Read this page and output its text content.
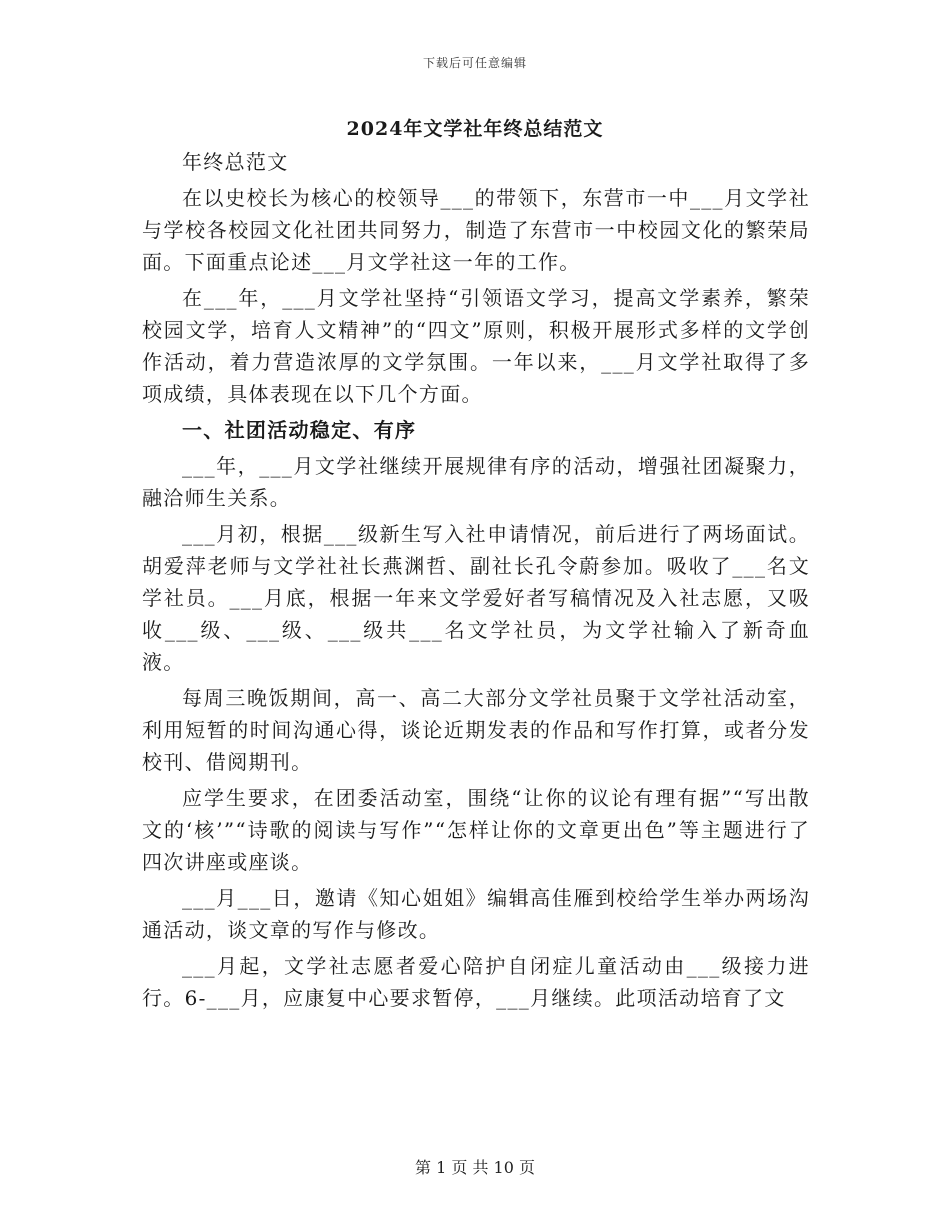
下载后可任意编辑
2024年文学社年终总结范文

年终总范文

在以史校长为核心的校领导___的带领下，东营市一中___月文学社与学校各校园文化社团共同努力，制造了东营市一中校园文化的繁荣局面。下面重点论述___月文学社这一年的工作。

在___年，___月文学社坚持“引领语文学习，提高文学素养，繁荣校园文学，培育人文精神”的“四文”原则，积极开展形式多样的文学创作活动，着力营造浓厚的文学氛围。一年以来，___月文学社取得了多项成绩，具体表现在以下几个方面。

一、社团活动稳定、有序

___年，___月文学社继续开展规律有序的活动，增强社团凝聚力，融洽师生关系。

___月初，根据___级新生写入社申请情况，前后进行了两场面试。胡爱萍老师与文学社社长燕渊哲、副社长孔令蔚参加。吸收了___名文学社员。___月底，根据一年来文学爱好者写稿情况及入社志愿，又吸收___级、___级、___级共___名文学社员，为文学社输入了新奇血液。

每周三晚饭期间，高一、高二大部分文学社员聚于文学社活动室，利用短暂的时间沟通心得，谈论近期发表的作品和写作打算，或者分发校刊、借阅期刊。

应学生要求，在团委活动室，围绕“让你的议论有理有据”“写出散文的‘核’”“诗歌的阅读与写作”“怎样让你的文章更出色”等主题进行了四次讲座或座谈。

___月___日，邀请《知心姐姐》编辑高佳雁到校给学生举办两场沟通活动，谈文章的写作与修改。

___月起，文学社志愿者爱心陪护自闭症儿童活动由___级接力进行。6-___月，应康复中心要求暂停，___月继续。此项活动培育了文

第 1 页 共 10 页
